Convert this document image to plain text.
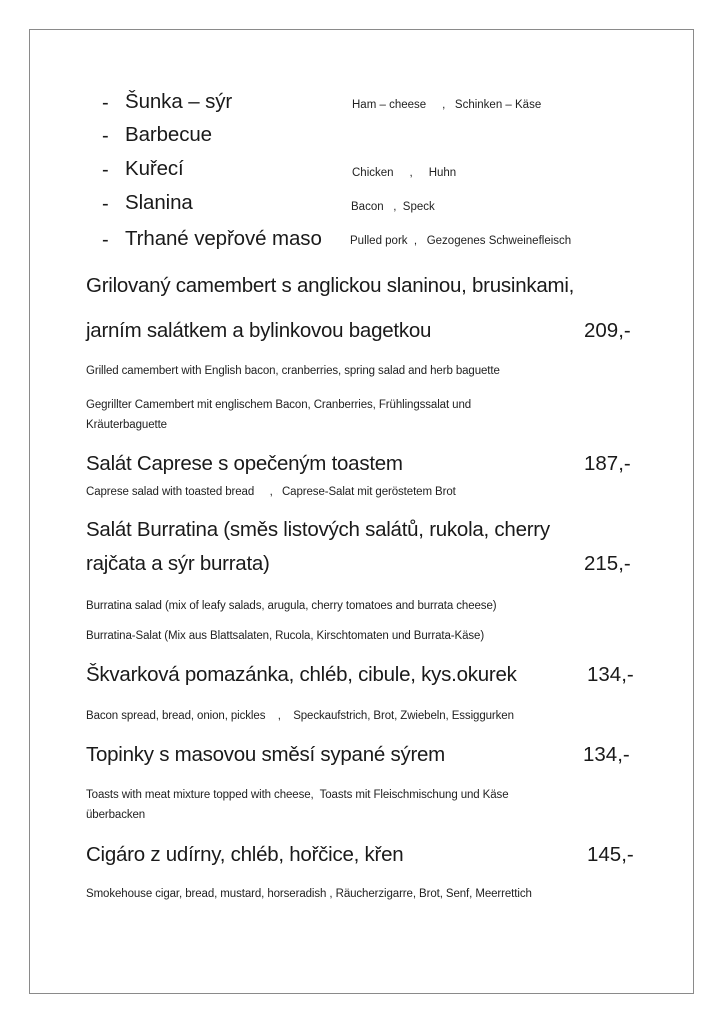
- Šunka – sýr	Ham – cheese     ,   Schinken – Käse
- Barbecue
- Kuřecí	Chicken     ,     Huhn
- Slanina	Bacon   ,  Speck
- Trhané vepřové maso Pulled pork  ,   Gezogenes Schweinefleisch
Grilovaný camembert s anglickou slaninou, brusinkami,
jarním salátkem a bylinkovou bagetkou	209,-
Grilled camembert with English bacon, cranberries, spring salad and herb baguette
Gegrillter Camembert mit englischem Bacon, Cranberries, Frühlingssalat und
Kräuterbaguette
Salát Caprese s opečeným toastem	187,-
Caprese salad with toasted bread     ,   Caprese-Salat mit geröstetem Brot
Salát Burratina (směs listových salátů, rukola, cherry
rajčata a sýr burrata)	215,-
Burratina salad (mix of leafy salads, arugula, cherry tomatoes and burrata cheese)
Burratina-Salat (Mix aus Blattsalaten, Rucola, Kirschtomaten und Burrata-Käse)
Škvarková pomazánka, chléb, cibule, kys.okurek	134,-
Bacon spread, bread, onion, pickles    ,    Speckaufstrich, Brot, Zwiebeln, Essiggurken
Topinky s masovou směsí sypané sýrem	134,-
Toasts with meat mixture topped with cheese,  Toasts mit Fleischmischung und Käse
überbacken
Cigáro z udírny, chléb, hořčice, křen	145,-
Smokehouse cigar, bread, mustard, horseradish , Räucherzigarre, Brot, Senf, Meerrettich
